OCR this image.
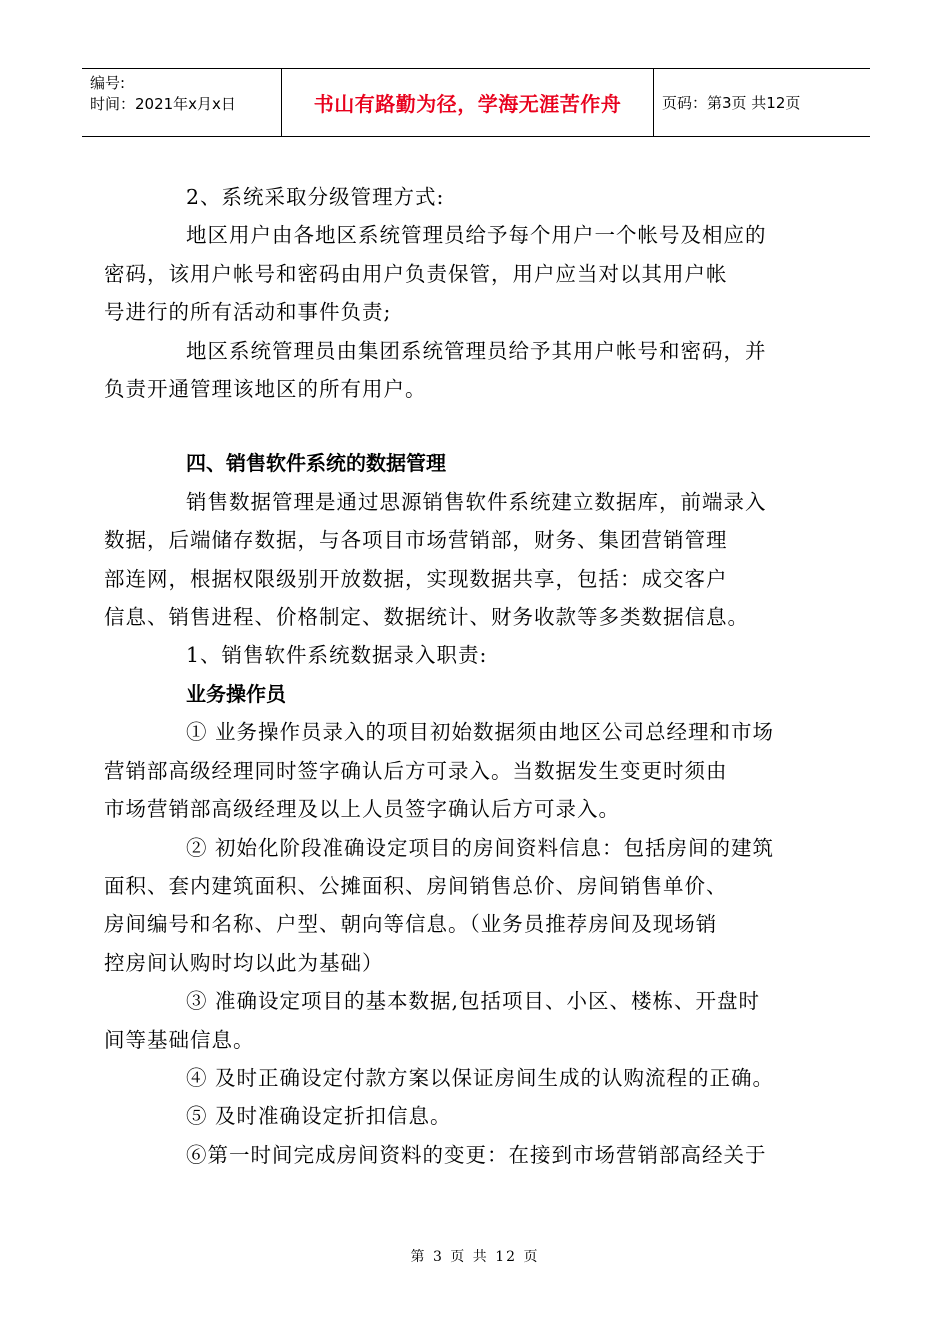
编号:
时间：2021年x月x日	书山有路勤为径，学海无涯苦作舟	页码：第3页 共12页

2、系统采取分级管理方式:

地区用户由各地区系统管理员给予每个用户一个帐号及相应的
密码，该用户帐号和密码由用户负责保管，用户应当对以其用户帐
号进行的所有活动和事件负责;

地区系统管理员由集团系统管理员给予其用户帐号和密码，并
负责开通管理该地区的所有用户。

四、销售软件系统的数据管理

销售数据管理是通过思源销售软件系统建立数据库，前端录入
数据，后端储存数据，与各项目市场营销部，财务、集团营销管理
部连网，根据权限级别开放数据，实现数据共享，包括：成交客户
信息、销售进程、价格制定、数据统计、财务收款等多类数据信息。

1、销售软件系统数据录入职责:

业务操作员

① 业务操作员录入的项目初始数据须由地区公司总经理和市场
营销部高级经理同时签字确认后方可录入。当数据发生变更时须由
市场营销部高级经理及以上人员签字确认后方可录入。

② 初始化阶段准确设定项目的房间资料信息：包括房间的建筑
面积、套内建筑面积、公摊面积、房间销售总价、房间销售单价、
房间编号和名称、户型、朝向等信息。（业务员推荐房间及现场销
控房间认购时均以此为基础）

③ 准确设定项目的基本数据,包括项目、小区、楼栋、开盘时
间等基础信息。

④ 及时正确设定付款方案以保证房间生成的认购流程的正确。

⑤ 及时准确设定折扣信息。

⑥第一时间完成房间资料的变更：在接到市场营销部高经关于

第 3 页 共 12 页
